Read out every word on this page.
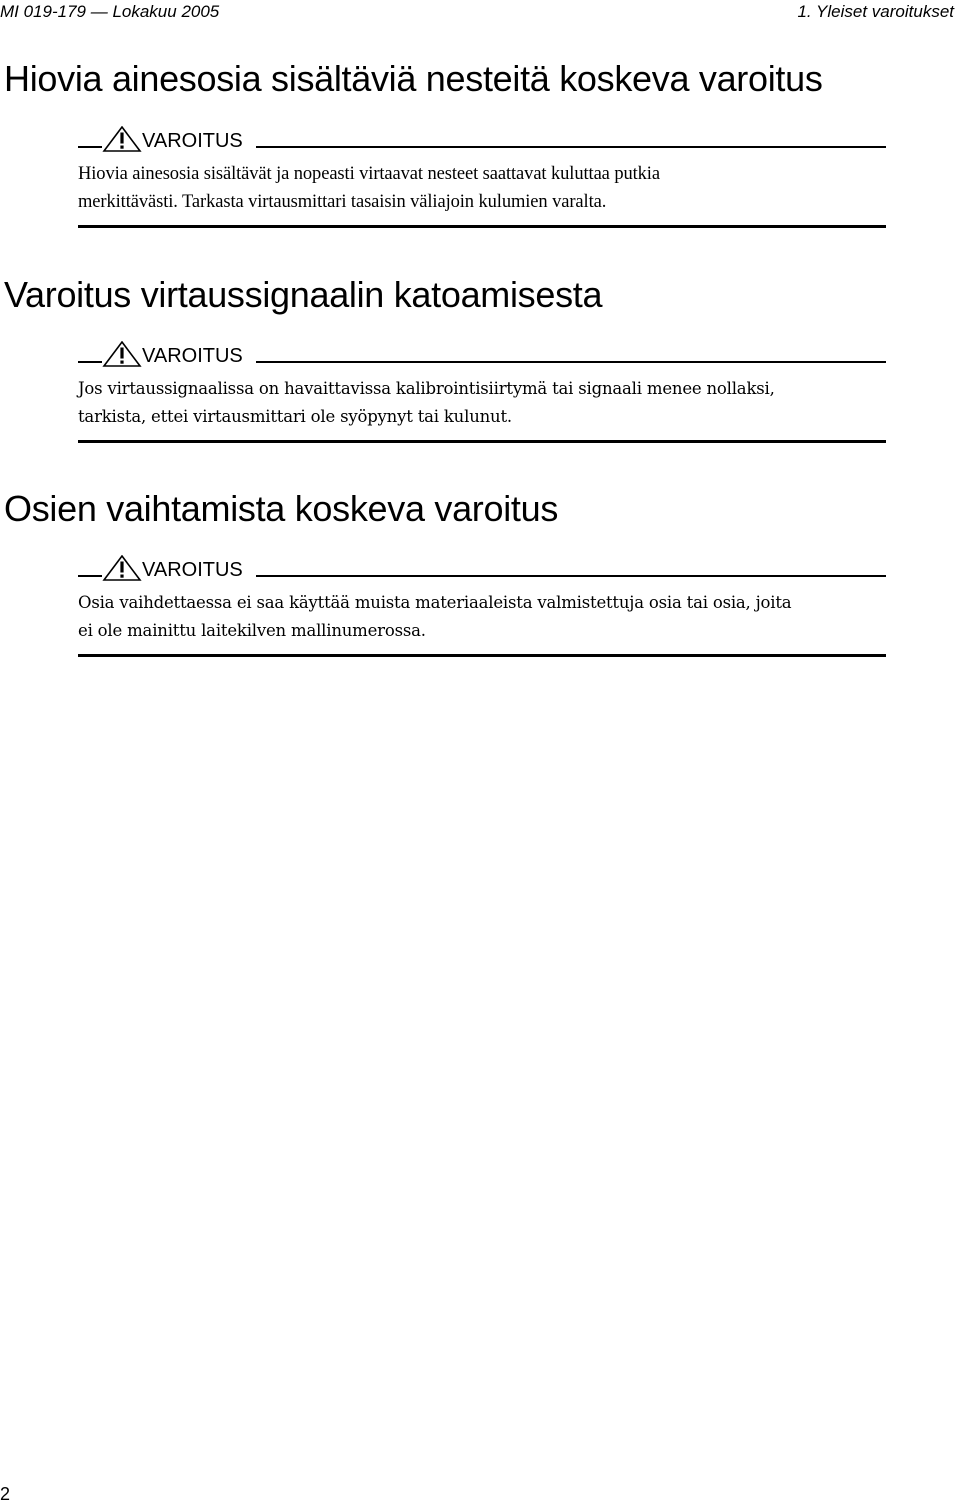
MI 019-179 — Lokakuu 2005	1. Yleiset varoitukset
Hiovia ainesosia sisältäviä nesteitä koskeva varoitus
VAROITUS

Hiovia ainesosia sisältävät ja nopeasti virtaavat nesteet saattavat kuluttaa putkia

merkittävästi. Tarkasta virtausmittari tasaisin väliajoin kulumien varalta.

Varoitus virtaussignaalin katoamisesta
VAROITUS

Jos virtaussignaalissa on havaittavissa kalibrointisiirtymä tai signaali menee nollaksi,

tarkista, ettei virtausmittari ole syöpynyt tai kulunut.

Osien vaihtamista koskeva varoitus
VAROITUS

Osia vaihdettaessa ei saa käyttää muista materiaaleista valmistettuja osia tai osia, joita

ei ole mainittu laitekilven mallinumerossa.

2
